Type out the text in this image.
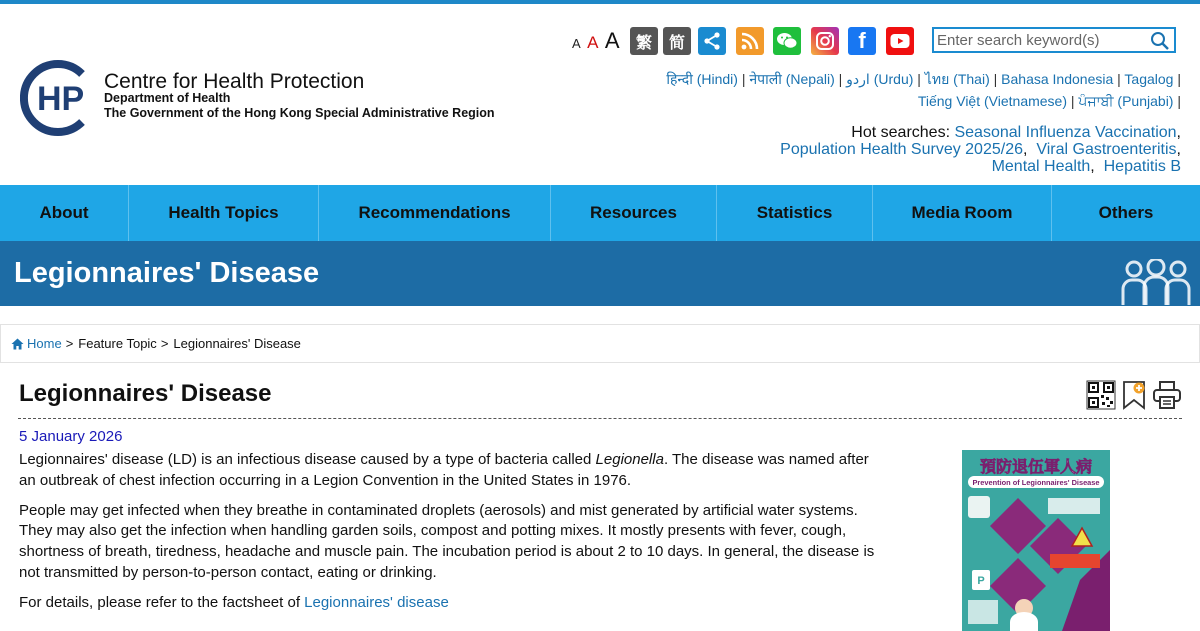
HP Centre for Health Protection
Department of Health
The Government of the Hong Kong Special Administrative Region
A A A	繁	简	f
Enter search keyword(s)
हिन्दी (Hindi) | नेपाली (Nepali) | اردو (Urdu) | ไทย (Thai) | Bahasa Indonesia | Tagalog |
Tiếng Việt (Vietnamese) | ਪੰਜਾਬੀ (Punjabi) |
Hot searches: Seasonal Influenza Vaccination,
Population Health Survey 2025/26,  Viral Gastroenteritis,
Mental Health,  Hepatitis B
About	Health Topics	Recommendations	Resources	Statistics	Media Room	Others
Legionnaires' Disease
Home > Feature Topic > Legionnaires' Disease
Legionnaires' Disease
5 January 2026

Legionnaires' disease (LD) is an infectious disease caused by a type of bacteria called Legionella. The disease was named after an outbreak of chest infection occurring in a Legion Convention in the United States in 1976.

People may get infected when they breathe in contaminated droplets (aerosols) and mist generated by artificial water systems. They may also get the infection when handling garden soils, compost and potting mixes. It mostly presents with fever, cough, shortness of breath, tiredness, headache and muscle pain. The incubation period is about 2 to 10 days. In general, the disease is not transmitted by person-to-person contact, eating or drinking.

For details, please refer to the factsheet of Legionnaires' disease

預防退伍軍人病
Prevention of Legionnaires' Disease
P
